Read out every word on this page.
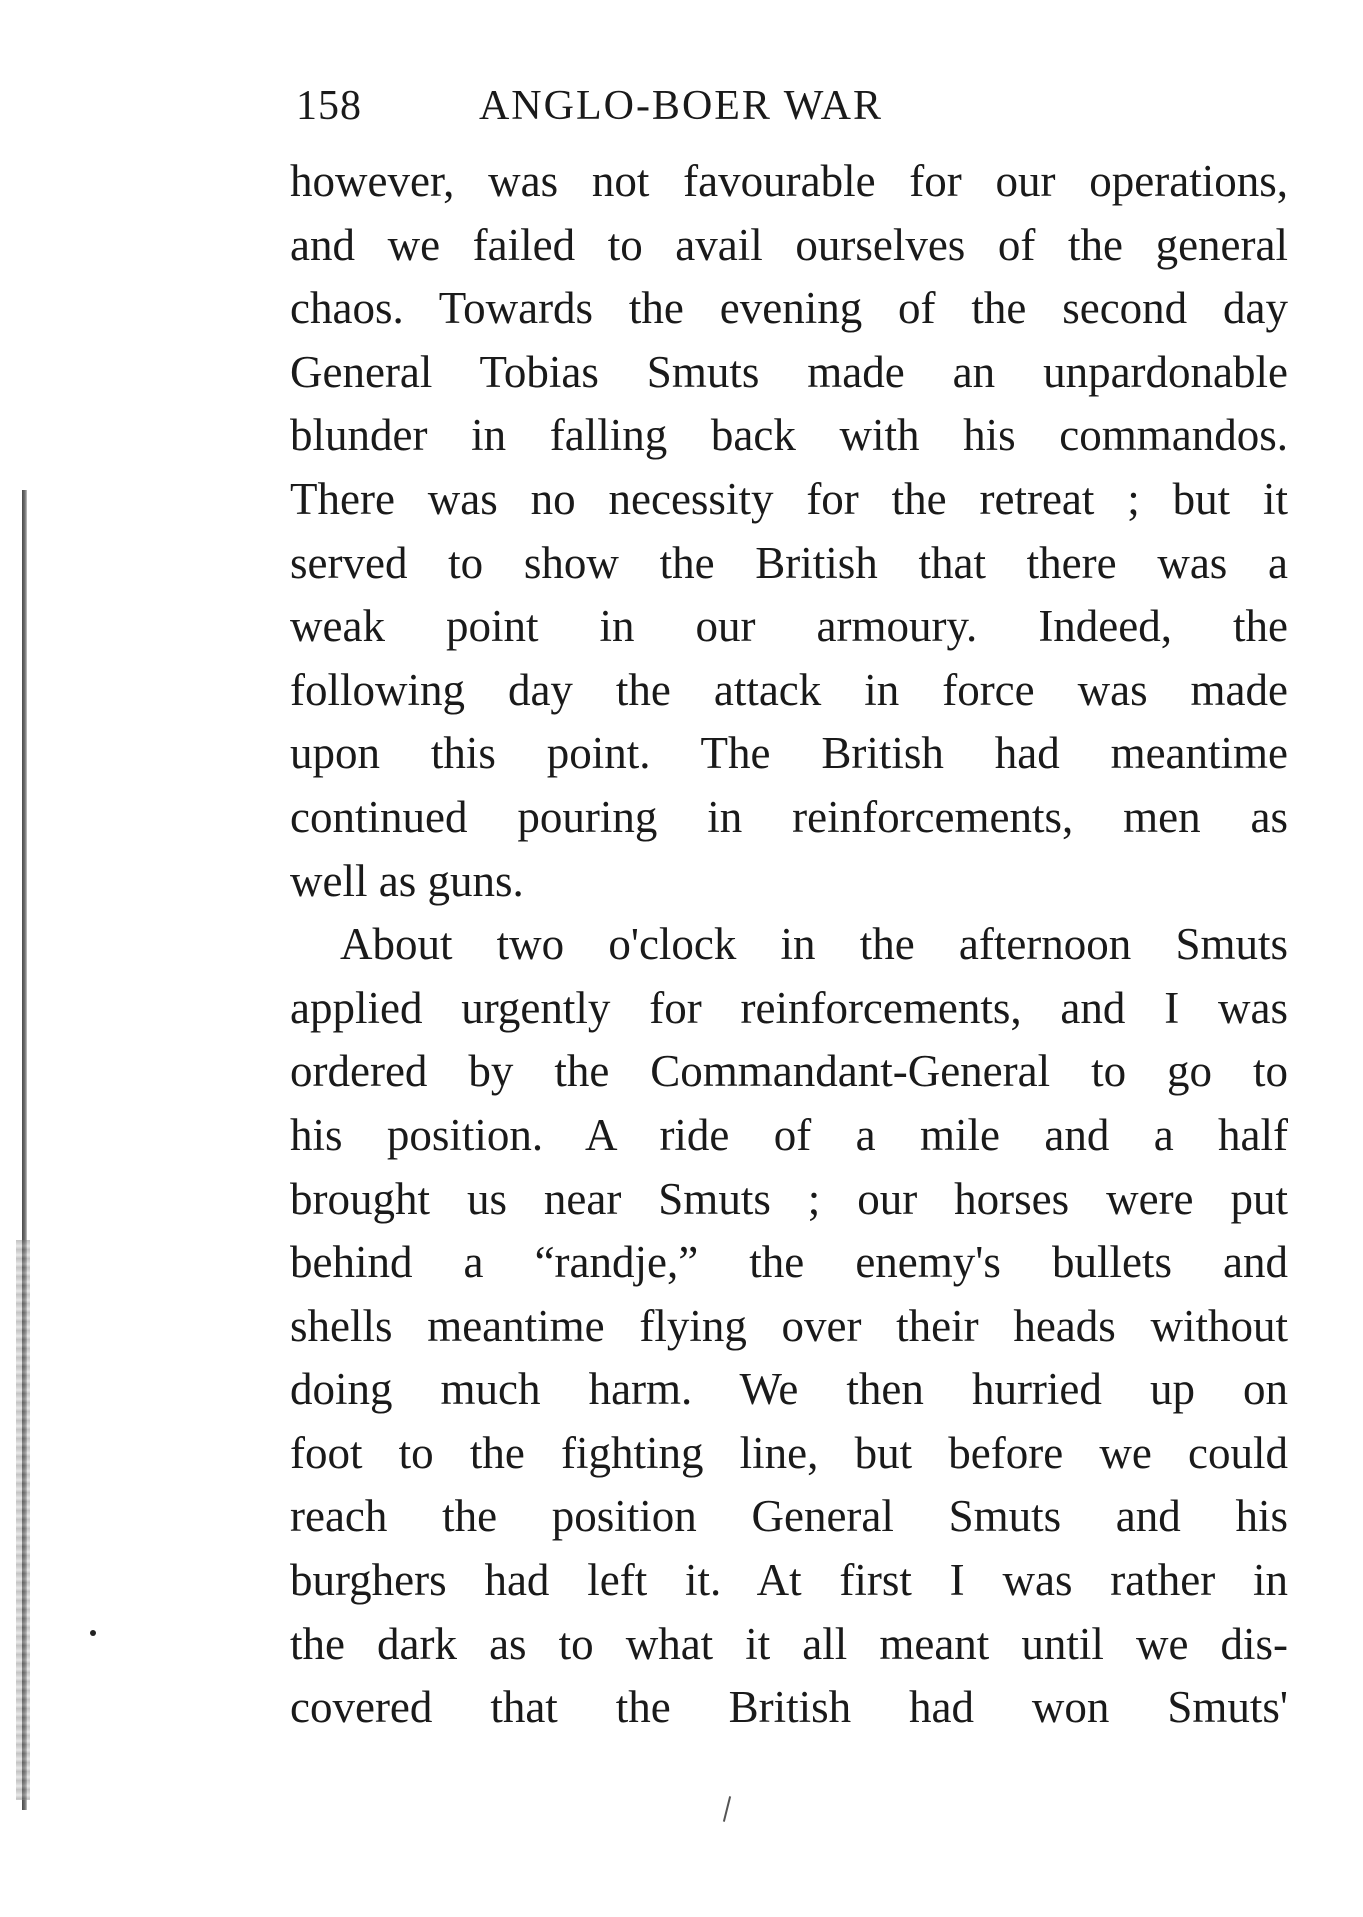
158	ANGLO-BOER WAR
however, was not favourable for our operations,
and we failed to avail ourselves of the general
chaos. Towards the evening of the second day
General Tobias Smuts made an unpardonable
blunder in falling back with his commandos.
There was no necessity for the retreat ; but it
served to show the British that there was a
weak point in our armoury. Indeed, the
following day the attack in force was made
upon this point. The British had meantime
continued pouring in reinforcements, men as
well as guns.
About two o'clock in the afternoon Smuts
applied urgently for reinforcements, and I was
ordered by the Commandant-General to go to
his position. A ride of a mile and a half
brought us near Smuts ; our horses were put
behind a “randje,” the enemy's bullets and
shells meantime flying over their heads without
doing much harm. We then hurried up on
foot to the fighting line, but before we could
reach the position General Smuts and his
burghers had left it. At first I was rather in
the dark as to what it all meant until we dis-
covered that the British had won Smuts'
